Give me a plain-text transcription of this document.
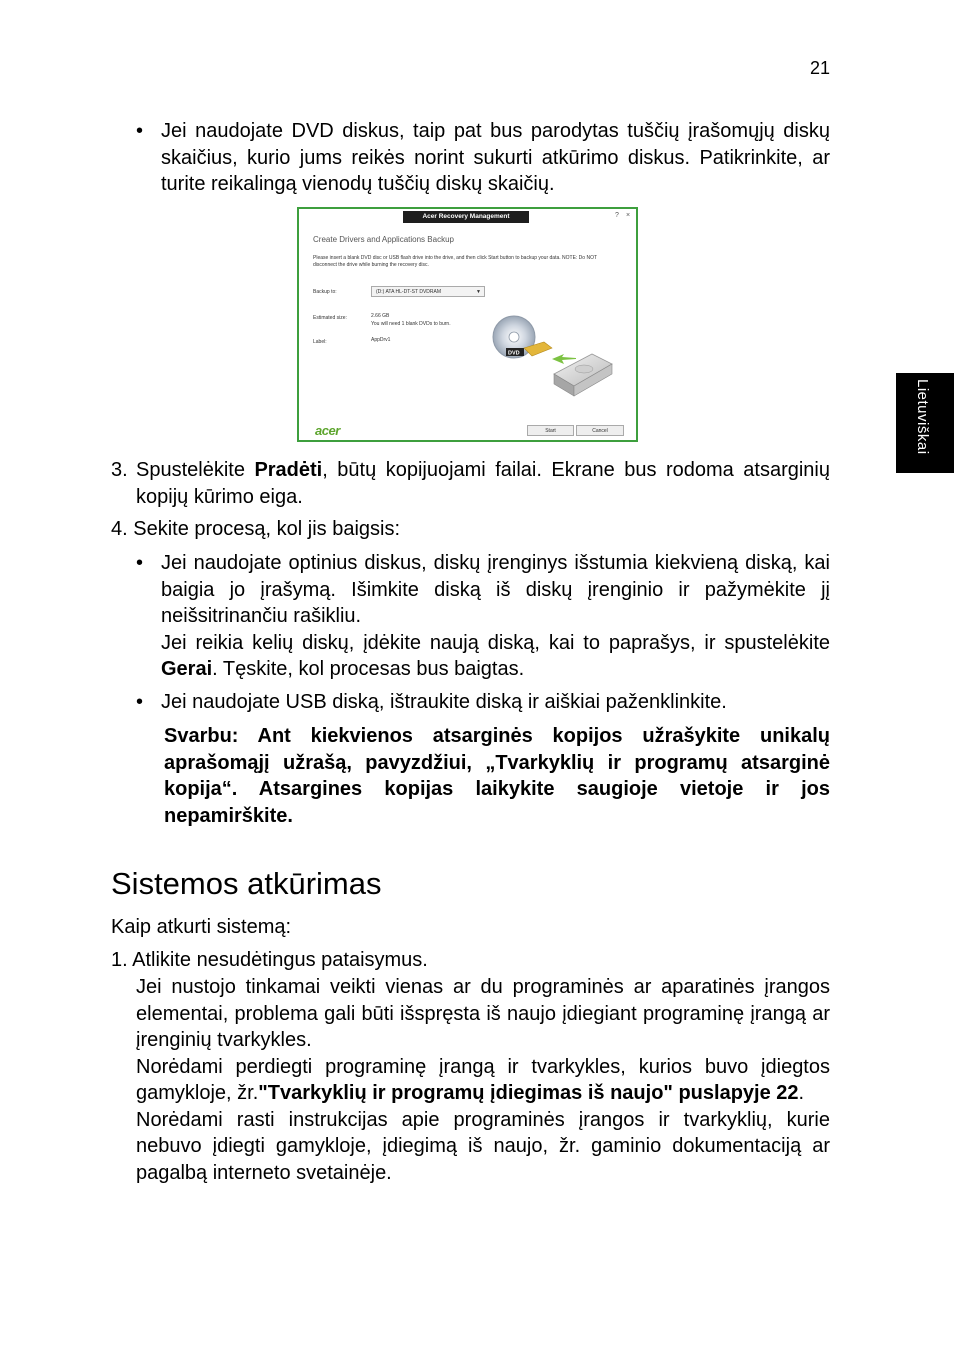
21
Lietuviškai
• Jei naudojate DVD diskus, taip pat bus parodytas tuščių įrašomųjų diskų skaičius, kurio jums reikės norint sukurti atkūrimo diskus. Patikrinkite, ar turite reikalingą vienodų tuščių diskų skaičių.
Acer Recovery Management	? ×
Create Drivers and Applications Backup
Please insert a blank DVD disc or USB flash drive into the drive, and then click Start button to backup your data. NOTE: Do NOT disconnect the drive while burning the recovery disc.
Backup to:	(D:) ATA HL-DT-ST DVDRAM	▼
Estimated size:	2.66 GB
You will need 1 blank DVDs to burn.
Label:	AppDrv1
DVD
acer	Start	Cancel
3. Spustelėkite Pradėti, būtų kopijuojami failai. Ekrane bus rodoma atsarginių kopijų kūrimo eiga.
4. Sekite procesą, kol jis baigsis:
• Jei naudojate optinius diskus, diskų įrenginys išstumia kiekvieną diską, kai baigia jo įrašymą. Išimkite diską iš diskų įrenginio ir pažymėkite jį neišsitrinančiu rašikliu.
Jei reikia kelių diskų, įdėkite naują diską, kai to paprašys, ir spustelėkite Gerai. Tęskite, kol procesas bus baigtas.
• Jei naudojate USB diską, ištraukite diską ir aiškiai paženklinkite.
Svarbu: Ant kiekvienos atsarginės kopijos užrašykite unikalų aprašomąjį užrašą, pavyzdžiui, „Tvarkyklių ir programų atsarginė kopija“. Atsargines kopijas laikykite saugioje vietoje ir jos nepamirškite.
Sistemos atkūrimas
Kaip atkurti sistemą:
1. Atlikite nesudėtingus pataisymus.
Jei nustojo tinkamai veikti vienas ar du programinės ar aparatinės įrangos elementai, problema gali būti išspręsta iš naujo įdiegiant programinę įrangą ar įrenginių tvarkykles.
Norėdami perdiegti programinę įrangą ir tvarkykles, kurios buvo įdiegtos gamykloje, žr."Tvarkyklių ir programų įdiegimas iš naujo" puslapyje 22.
Norėdami rasti instrukcijas apie programinės įrangos ir tvarkyklių, kurie nebuvo įdiegti gamykloje, įdiegimą iš naujo, žr. gaminio dokumentaciją ar pagalbą interneto svetainėje.
